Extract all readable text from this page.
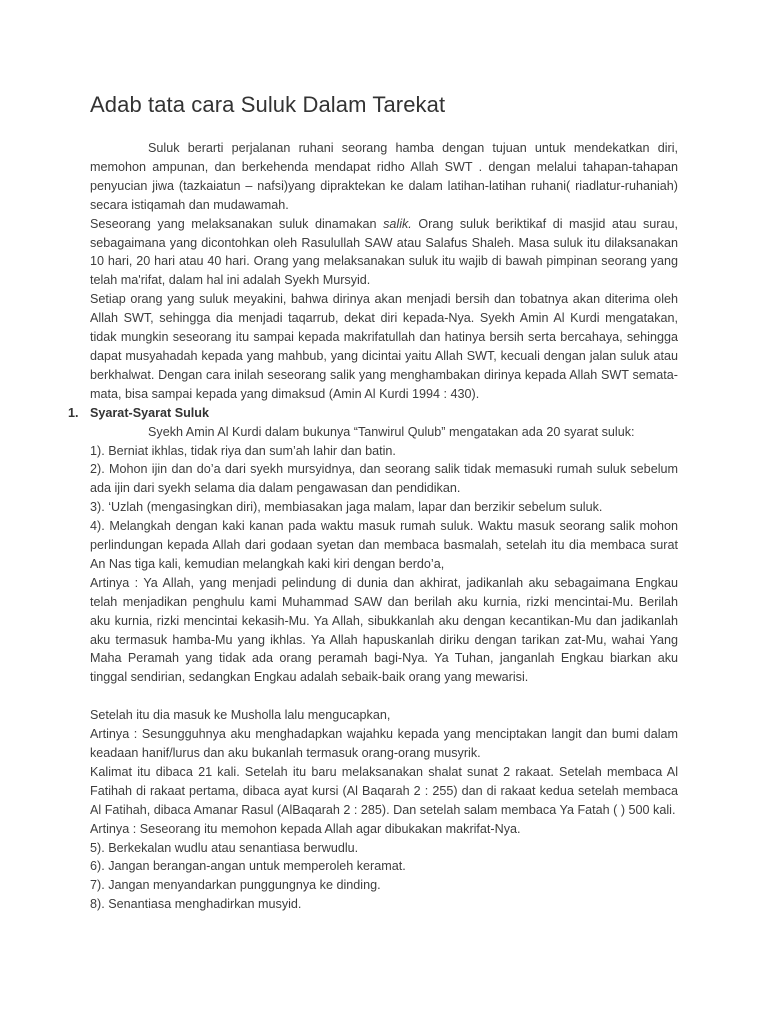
Adab tata cara Suluk Dalam Tarekat

Suluk berarti perjalanan ruhani seorang hamba dengan tujuan untuk mendekatkan diri, memohon ampunan, dan berkehenda mendapat ridho Allah SWT . dengan melalui tahapan-tahapan penyucian jiwa (tazkaiatun – nafsi)yang dipraktekan ke dalam latihan-latihan ruhani( riadlatur-ruhaniah) secara istiqamah dan mudawamah.

Seseorang yang melaksanakan suluk dinamakan salik. Orang suluk beriktikaf di masjid atau surau, sebagaimana yang dicontohkan oleh Rasulullah SAW atau Salafus Shaleh. Masa suluk itu dilaksanakan 10 hari, 20 hari atau 40 hari. Orang yang melaksanakan suluk itu wajib di bawah pimpinan seorang yang telah ma'rifat, dalam hal ini adalah Syekh Mursyid.

Setiap orang yang suluk meyakini, bahwa dirinya akan menjadi bersih dan tobatnya akan diterima oleh Allah SWT, sehingga dia menjadi taqarrub, dekat diri kepada-Nya. Syekh Amin Al Kurdi mengatakan, tidak mungkin seseorang itu sampai kepada makrifatullah dan hatinya bersih serta bercahaya, sehingga dapat musyahadah kepada yang mahbub, yang dicintai yaitu Allah SWT, kecuali dengan jalan suluk atau berkhalwat. Dengan cara inilah seseorang salik yang menghambakan dirinya kepada Allah SWT semata-mata, bisa sampai kepada yang dimaksud (Amin Al Kurdi 1994 : 430).

1. Syarat-Syarat Suluk

Syekh Amin Al Kurdi dalam bukunya “Tanwirul Qulub” mengatakan ada 20 syarat suluk:

1). Berniat ikhlas, tidak riya dan sum’ah lahir dan batin.

2). Mohon ijin dan do’a dari syekh mursyidnya, dan seorang salik tidak memasuki rumah suluk sebelum ada ijin dari syekh selama dia dalam pengawasan dan pendidikan.

3). ‘Uzlah (mengasingkan diri), membiasakan jaga malam, lapar dan berzikir sebelum suluk.

4). Melangkah dengan kaki kanan pada waktu masuk rumah suluk. Waktu masuk seorang salik mohon perlindungan kepada Allah dari godaan syetan dan membaca basmalah, setelah itu dia membaca surat An Nas tiga kali, kemudian melangkah kaki kiri dengan berdo’a,

Artinya : Ya Allah, yang menjadi pelindung di dunia dan akhirat, jadikanlah aku sebagaimana Engkau telah menjadikan penghulu kami Muhammad SAW dan berilah aku kurnia, rizki mencintai-Mu. Berilah aku kurnia, rizki mencintai kekasih-Mu. Ya Allah, sibukkanlah aku dengan kecantikan-Mu dan jadikanlah aku termasuk hamba-Mu yang ikhlas. Ya Allah hapuskanlah diriku dengan tarikan zat-Mu, wahai Yang Maha Peramah yang tidak ada orang peramah bagi-Nya. Ya Tuhan, janganlah Engkau biarkan aku tinggal sendirian, sedangkan Engkau adalah sebaik-baik orang yang mewarisi.

Setelah itu dia masuk ke Musholla lalu mengucapkan,

Artinya : Sesungguhnya aku menghadapkan wajahku kepada yang menciptakan langit dan bumi dalam keadaan hanif/lurus dan aku bukanlah termasuk orang-orang musyrik.

Kalimat itu dibaca 21 kali. Setelah itu baru melaksanakan shalat sunat 2 rakaat. Setelah membaca Al Fatihah di rakaat pertama, dibaca ayat kursi (Al Baqarah 2 : 255) dan di rakaat kedua setelah membaca Al Fatihah, dibaca Amanar Rasul (AlBaqarah 2 : 285). Dan setelah salam membaca Ya Fatah ( ) 500 kali.

Artinya : Seseorang itu memohon kepada Allah agar dibukakan makrifat-Nya.

5). Berkekalan wudlu atau senantiasa berwudlu.

6). Jangan berangan-angan untuk memperoleh keramat.

7). Jangan menyandarkan punggungnya ke dinding.

8). Senantiasa menghadirkan musyid.
